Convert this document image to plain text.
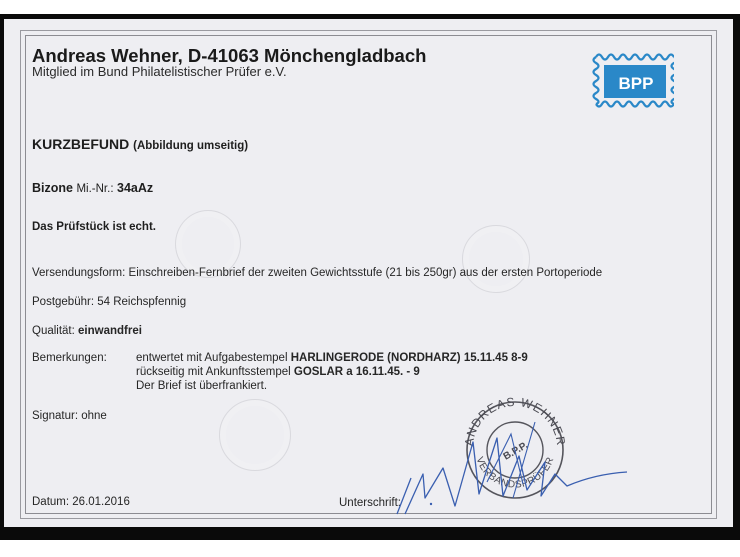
Andreas Wehner, D-41063 Mönchengladbach
Mitglied im Bund Philatelistischer Prüfer e.V.
BPP
KURZBEFUND (Abbildung umseitig)
Bizone Mi.-Nr.: 34aAz
Das Prüfstück ist echt.
Versendungsform: Einschreiben-Fernbrief der zweiten Gewichtsstufe (21 bis 250gr) aus der ersten Portoperiode
Postgebühr: 54 Reichspfennig
Qualität: einwandfrei
Bemerkungen:	entwertet mit Aufgabestempel HARLINGERODE (NORDHARZ) 15.11.45 8-9
rückseitig mit Ankunftsstempel GOSLAR a 16.11.45. - 9
Der Brief ist überfrankiert.
Signatur: ohne
Datum: 26.01.2016	Unterschrift:
ANDREAS WEHNER
VERBANDSPRÜFER
B.P.P.
